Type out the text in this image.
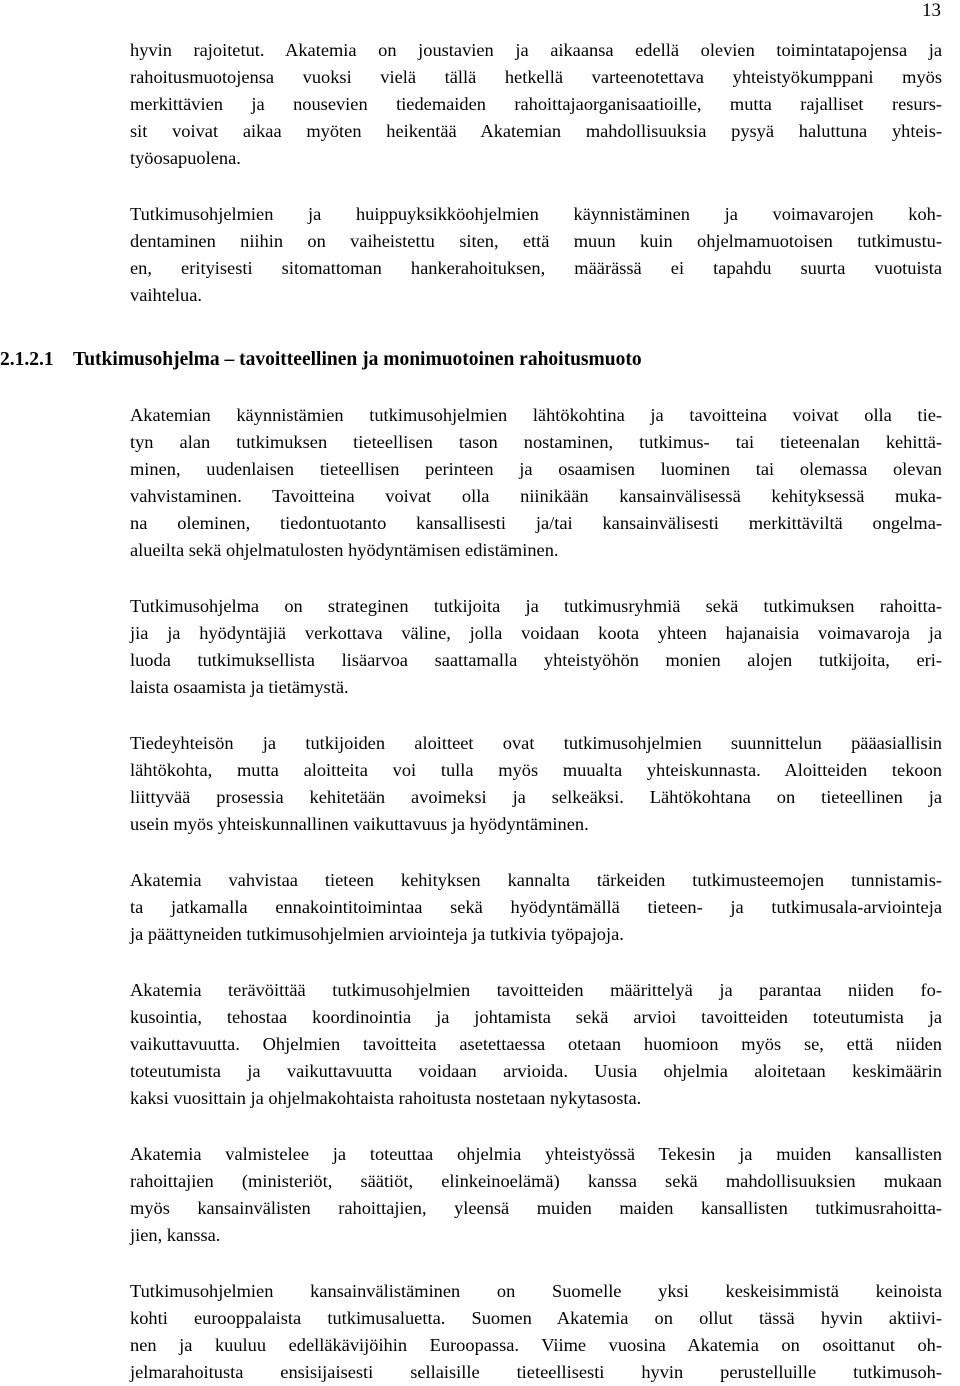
13

hyvin rajoitetut. Akatemia on joustavien ja aikaansa edellä olevien toimintatapojensa ja
rahoitusmuotojensa vuoksi vielä tällä hetkellä varteenotettava yhteistyökumppani myös
merkittävien ja nousevien tiedemaiden rahoittajaorganisaatioille, mutta rajalliset resurs-
sit voivat aikaa myöten heikentää Akatemian mahdollisuuksia pysyä haluttuna yhteis-
työosapuolena.

Tutkimusohjelmien ja huippuyksikköohjelmien käynnistäminen ja voimavarojen koh-
dentaminen niihin on vaiheistettu siten, että muun kuin ohjelmamuotoisen tutkimustu-
en, erityisesti sitomattoman hankerahoituksen, määrässä ei tapahdu suurta vuotuista
vaihtelua.

2.1.2.1 Tutkimusohjelma – tavoitteellinen ja monimuotoinen rahoitusmuoto

Akatemian käynnistämien tutkimusohjelmien lähtökohtina ja tavoitteina voivat olla tie-
tyn alan tutkimuksen tieteellisen tason nostaminen, tutkimus- tai tieteenalan kehittä-
minen, uudenlaisen tieteellisen perinteen ja osaamisen luominen tai olemassa olevan
vahvistaminen. Tavoitteina voivat olla niinikään kansainvälisessä kehityksessä muka-
na oleminen, tiedontuotanto kansallisesti ja/tai kansainvälisesti merkittäviltä ongelma-
alueilta sekä ohjelmatulosten hyödyntämisen edistäminen.

Tutkimusohjelma on strateginen tutkijoita ja tutkimusryhmiä sekä tutkimuksen rahoitta-
jia ja hyödyntäjiä verkottava väline, jolla voidaan koota yhteen hajanaisia voimavaroja ja
luoda tutkimuksellista lisäarvoa saattamalla yhteistyöhön monien alojen tutkijoita, eri-
laista osaamista ja tietämystä.

Tiedeyhteisön ja tutkijoiden aloitteet ovat tutkimusohjelmien suunnittelun pääasiallisin
lähtökohta, mutta aloitteita voi tulla myös muualta yhteiskunnasta. Aloitteiden tekoon
liittyvää prosessia kehitetään avoimeksi ja selkeäksi. Lähtökohtana on tieteellinen ja
usein myös yhteiskunnallinen vaikuttavuus ja hyödyntäminen.

Akatemia vahvistaa tieteen kehityksen kannalta tärkeiden tutkimusteemojen tunnistamis-
ta jatkamalla ennakointitoimintaa sekä hyödyntämällä tieteen- ja tutkimusala-arviointeja
ja päättyneiden tutkimusohjelmien arviointeja ja tutkivia työpajoja.

Akatemia terävöittää tutkimusohjelmien tavoitteiden määrittelyä ja parantaa niiden fo-
kusointia, tehostaa koordinointia ja johtamista sekä arvioi tavoitteiden toteutumista ja
vaikuttavuutta. Ohjelmien tavoitteita asetettaessa otetaan huomioon myös se, että niiden
toteutumista ja vaikuttavuutta voidaan arvioida. Uusia ohjelmia aloitetaan keskimäärin
kaksi vuosittain ja ohjelmakohtaista rahoitusta nostetaan nykytasosta.

Akatemia valmistelee ja toteuttaa ohjelmia yhteistyössä Tekesin ja muiden kansallisten
rahoittajien (ministeriöt, säätiöt, elinkeinoelämä) kanssa sekä mahdollisuuksien mukaan
myös kansainvälisten rahoittajien, yleensä muiden maiden kansallisten tutkimusrahoitta-
jien, kanssa.

Tutkimusohjelmien kansainvälistäminen on Suomelle yksi keskeisimmistä keinoista
kohti eurooppalaista tutkimusaluetta. Suomen Akatemia on ollut tässä hyvin aktiivi-
nen ja kuuluu edelläkävijöihin Euroopassa. Viime vuosina Akatemia on osoittanut oh-
jelmarahoitusta ensisijaisesti sellaisille tieteellisesti hyvin perustelluille tutkimusoh-
